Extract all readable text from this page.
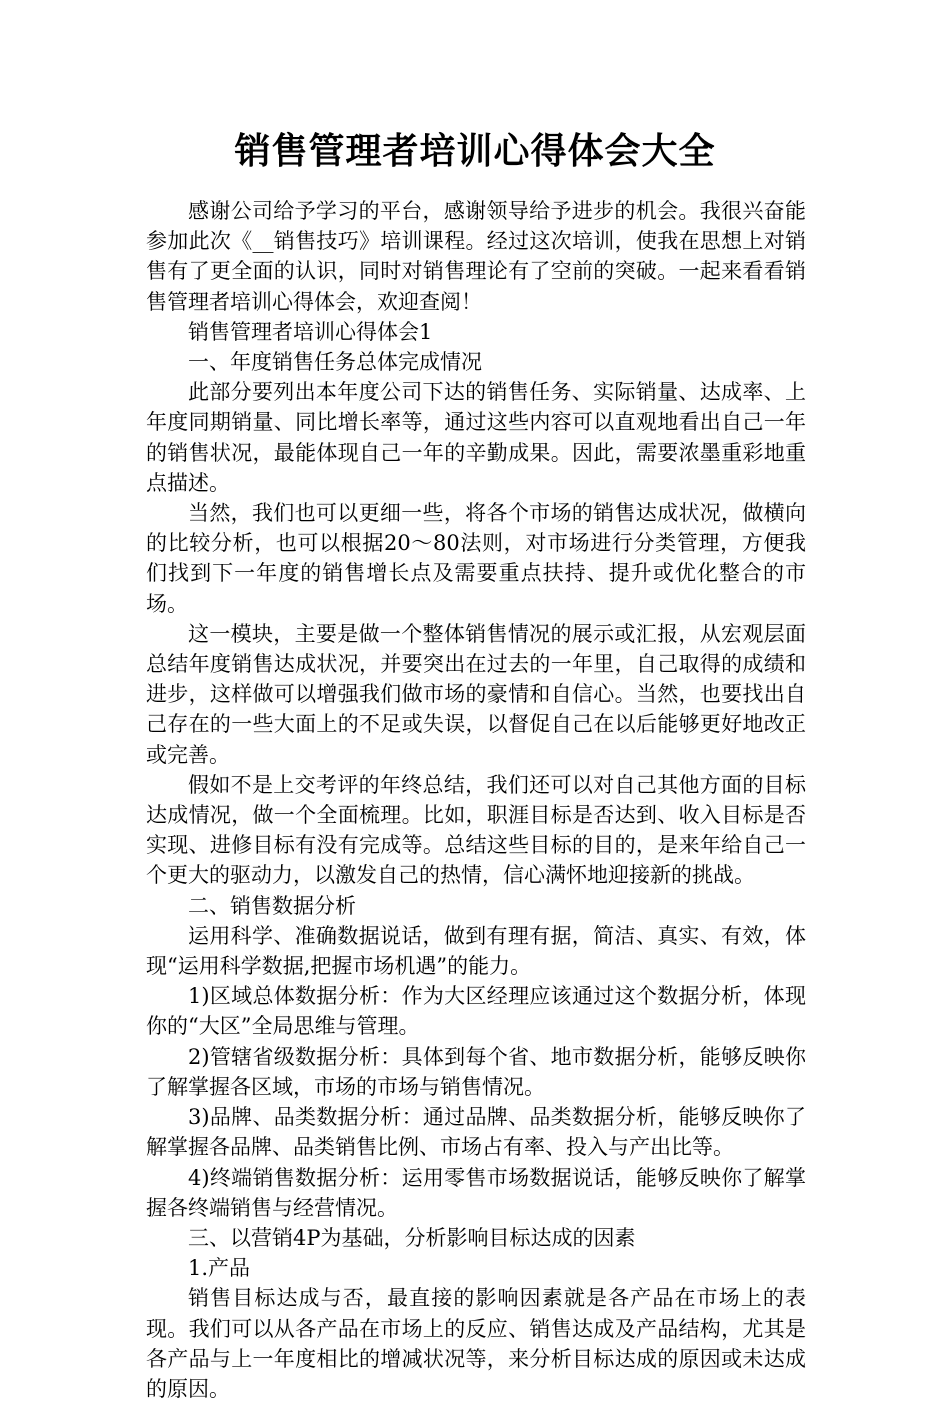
销售管理者培训心得体会大全

感谢公司给予学习的平台，感谢领导给予进步的机会。我很兴奋能参加此次《__销售技巧》培训课程。经过这次培训，使我在思想上对销售有了更全面的认识，同时对销售理论有了空前的突破。一起来看看销售管理者培训心得体会，欢迎查阅！

销售管理者培训心得体会1

一、年度销售任务总体完成情况

此部分要列出本年度公司下达的销售任务、实际销量、达成率、上年度同期销量、同比增长率等，通过这些内容可以直观地看出自己一年的销售状况，最能体现自己一年的辛勤成果。因此，需要浓墨重彩地重点描述。

当然，我们也可以更细一些，将各个市场的销售达成状况，做横向的比较分析，也可以根据20～80法则，对市场进行分类管理，方便我们找到下一年度的销售增长点及需要重点扶持、提升或优化整合的市场。

这一模块，主要是做一个整体销售情况的展示或汇报，从宏观层面总结年度销售达成状况，并要突出在过去的一年里，自己取得的成绩和进步，这样做可以增强我们做市场的豪情和自信心。当然，也要找出自己存在的一些大面上的不足或失误，以督促自己在以后能够更好地改正或完善。

假如不是上交考评的年终总结，我们还可以对自己其他方面的目标达成情况，做一个全面梳理。比如，职涯目标是否达到、收入目标是否实现、进修目标有没有完成等。总结这些目标的目的，是来年给自己一个更大的驱动力，以激发自己的热情，信心满怀地迎接新的挑战。

二、销售数据分析

运用科学、准确数据说话，做到有理有据，简洁、真实、有效，体现“运用科学数据,把握市场机遇”的能力。

1)区域总体数据分析：作为大区经理应该通过这个数据分析，体现你的“大区”全局思维与管理。

2)管辖省级数据分析：具体到每个省、地市数据分析，能够反映你了解掌握各区域，市场的市场与销售情况。

3)品牌、品类数据分析：通过品牌、品类数据分析，能够反映你了解掌握各品牌、品类销售比例、市场占有率、投入与产出比等。

4)终端销售数据分析：运用零售市场数据说话，能够反映你了解掌握各终端销售与经营情况。

三、以营销4P为基础，分析影响目标达成的因素

1.产品

销售目标达成与否，最直接的影响因素就是各产品在市场上的表现。我们可以从各产品在市场上的反应、销售达成及产品结构，尤其是各产品与上一年度相比的增减状况等，来分析目标达成的原因或未达成的原因。
